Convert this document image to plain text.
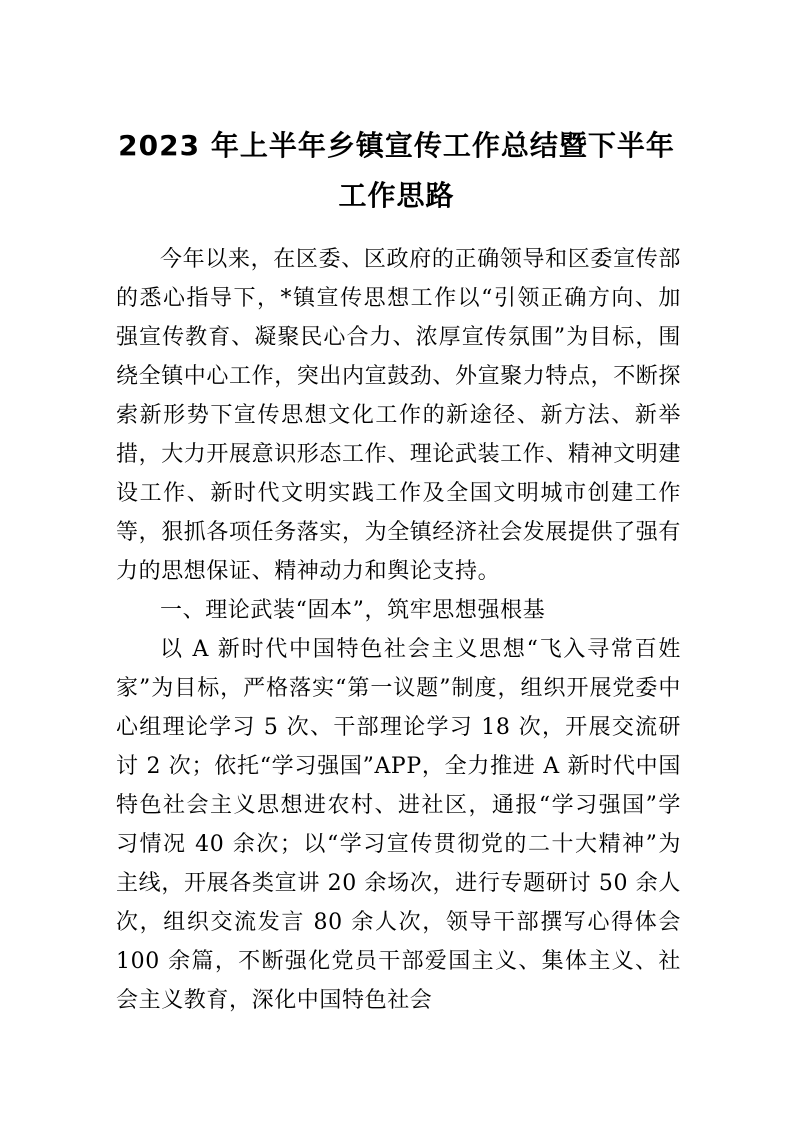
2023 年上半年乡镇宣传工作总结暨下半年
工作思路

今年以来，在区委、区政府的正确领导和区委宣传部的悉心指导下，*镇宣传思想工作以“引领正确方向、加强宣传教育、凝聚民心合力、浓厚宣传氛围”为目标，围绕全镇中心工作，突出内宣鼓劲、外宣聚力特点，不断探索新形势下宣传思想文化工作的新途径、新方法、新举措，大力开展意识形态工作、理论武装工作、精神文明建设工作、新时代文明实践工作及全国文明城市创建工作等，狠抓各项任务落实，为全镇经济社会发展提供了强有力的思想保证、精神动力和舆论支持。

一、理论武装“固本”，筑牢思想强根基

以 A 新时代中国特色社会主义思想“飞入寻常百姓家”为目标，严格落实“第一议题”制度，组织开展党委中心组理论学习 5 次、干部理论学习 18 次，开展交流研讨 2 次；依托“学习强国”APP，全力推进 A 新时代中国特色社会主义思想进农村、进社区，通报“学习强国”学习情况 40 余次；以“学习宣传贯彻党的二十大精神”为主线，开展各类宣讲 20 余场次，进行专题研讨 50 余人次，组织交流发言 80 余人次，领导干部撰写心得体会 100 余篇，不断强化党员干部爱国主义、集体主义、社会主义教育，深化中国特色社会
